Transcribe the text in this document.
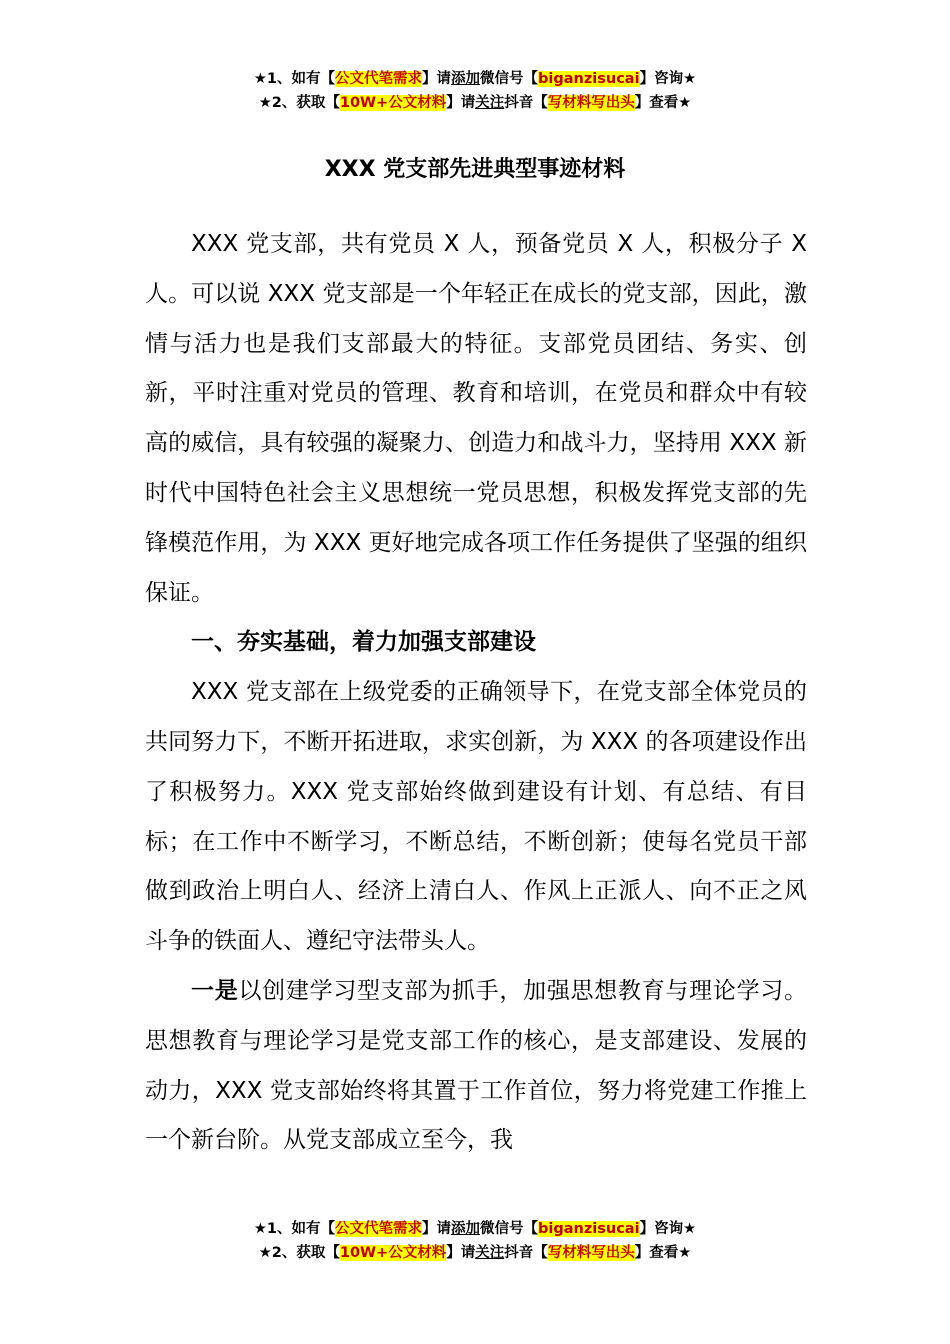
★1、如有【公文代笔需求】请添加微信号【biganzisucai】咨询★
★2、获取【10W+公文材料】请关注抖音【写材料写出头】查看★
XXX 党支部先进典型事迹材料

XXX 党支部，共有党员 X 人，预备党员 X 人，积极分子 X 人。可以说 XXX 党支部是一个年轻正在成长的党支部，因此，激情与活力也是我们支部最大的特征。支部党员团结、务实、创新，平时注重对党员的管理、教育和培训，在党员和群众中有较高的威信，具有较强的凝聚力、创造力和战斗力，坚持用 XXX 新时代中国特色社会主义思想统一党员思想，积极发挥党支部的先锋模范作用，为 XXX 更好地完成各项工作任务提供了坚强的组织保证。

一、夯实基础，着力加强支部建设

XXX 党支部在上级党委的正确领导下，在党支部全体党员的共同努力下，不断开拓进取，求实创新，为 XXX 的各项建设作出了积极努力。XXX 党支部始终做到建设有计划、有总结、有目标；在工作中不断学习，不断总结，不断创新；使每名党员干部做到政治上明白人、经济上清白人、作风上正派人、向不正之风斗争的铁面人、遵纪守法带头人。

一是以创建学习型支部为抓手，加强思想教育与理论学习。思想教育与理论学习是党支部工作的核心，是支部建设、发展的动力，XXX 党支部始终将其置于工作首位，努力将党建工作推上一个新台阶。从党支部成立至今，我

★1、如有【公文代笔需求】请添加微信号【biganzisucai】咨询★
★2、获取【10W+公文材料】请关注抖音【写材料写出头】查看★
